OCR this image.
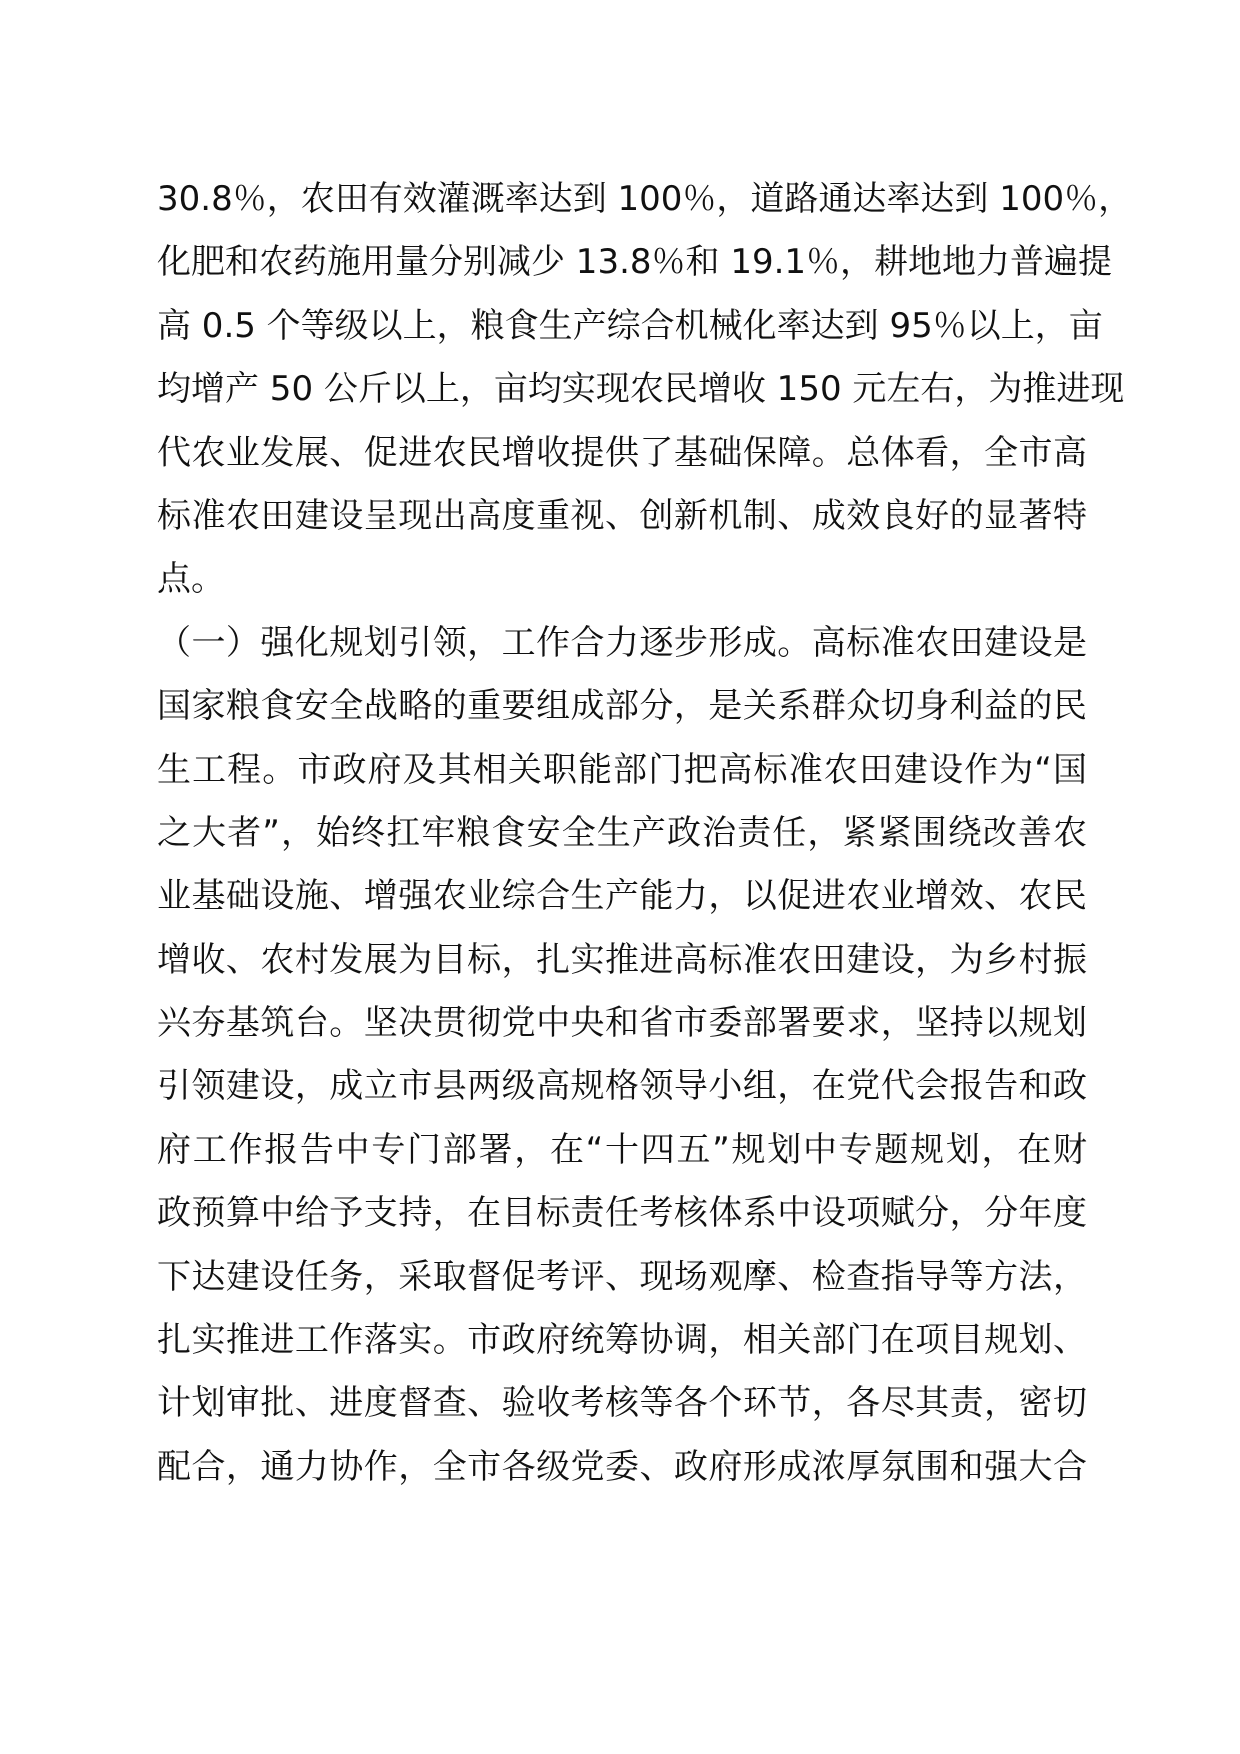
30.8％，农田有效灌溉率达到 100％，道路通达率达到 100％，
化肥和农药施用量分别减少 13.8％和 19.1％，耕地地力普遍提
高 0.5 个等级以上，粮食生产综合机械化率达到 95％以上，亩
均增产 50 公斤以上，亩均实现农民增收 150 元左右，为推进现
代农业发展、促进农民增收提供了基础保障。总体看，全市高
标准农田建设呈现出高度重视、创新机制、成效良好的显著特
点。
（一）强化规划引领，工作合力逐步形成。高标准农田建设是
国家粮食安全战略的重要组成部分，是关系群众切身利益的民
生工程。市政府及其相关职能部门把高标准农田建设作为“国
之大者”，始终扛牢粮食安全生产政治责任，紧紧围绕改善农
业基础设施、增强农业综合生产能力，以促进农业增效、农民
增收、农村发展为目标，扎实推进高标准农田建设，为乡村振
兴夯基筑台。坚决贯彻党中央和省市委部署要求，坚持以规划
引领建设，成立市县两级高规格领导小组，在党代会报告和政
府工作报告中专门部署，在“十四五”规划中专题规划，在财
政预算中给予支持，在目标责任考核体系中设项赋分，分年度
下达建设任务，采取督促考评、现场观摩、检查指导等方法，
扎实推进工作落实。市政府统筹协调，相关部门在项目规划、
计划审批、进度督查、验收考核等各个环节，各尽其责，密切
配合，通力协作，全市各级党委、政府形成浓厚氛围和强大合
